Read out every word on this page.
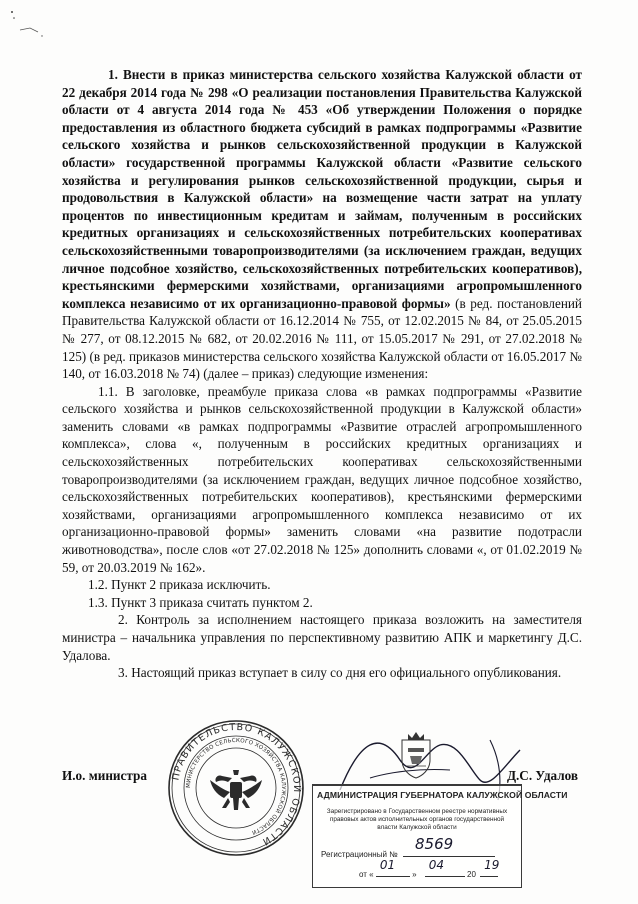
1. Внести в приказ министерства сельского хозяйства Калужской области от 22 декабря 2014 года № 298 «О реализации постановления Правительства Калужской области от 4 августа 2014 года № 453 «Об утверждении Положения о порядке предоставления из областного бюджета субсидий в рамках подпрограммы «Развитие сельского хозяйства и рынков сельскохозяйственной продукции в Калужской области» государственной программы Калужской области «Развитие сельского хозяйства и регулирования рынков сельскохозяйственной продукции, сырья и продовольствия в Калужской области» на возмещение части затрат на уплату процентов по инвестиционным кредитам и займам, полученным в российских кредитных организациях и сельскохозяйственных потребительских кооперативах сельскохозяйственными товаропроизводителями (за исключением граждан, ведущих личное подсобное хозяйство, сельскохозяйственных потребительских кооперативов), крестьянскими фермерскими хозяйствами, организациями агропромышленного комплекса независимо от их организационно-правовой формы» (в ред. постановлений Правительства Калужской области от 16.12.2014 № 755, от 12.02.2015 № 84, от 25.05.2015 № 277, от 08.12.2015 № 682, от 20.02.2016 № 111, от 15.05.2017 № 291, от 27.02.2018 № 125) (в ред. приказов министерства сельского хозяйства Калужской области от 16.05.2017 № 140, от 16.03.2018 № 74) (далее – приказ) следующие изменения:

1.1. В заголовке, преамбуле приказа слова «в рамках подпрограммы «Развитие сельского хозяйства и рынков сельскохозяйственной продукции в Калужской области» заменить словами «в рамках подпрограммы «Развитие отраслей агропромышленного комплекса», слова «, полученным в российских кредитных организациях и сельскохозяйственных потребительских кооперативах сельскохозяйственными товаропроизводителями (за исключением граждан, ведущих личное подсобное хозяйство, сельскохозяйственных потребительских кооперативов), крестьянскими фермерскими хозяйствами, организациями агропромышленного комплекса независимо от их организационно-правовой формы» заменить словами «на развитие подотрасли животноводства», после слов «от 27.02.2018 № 125» дополнить словами «, от 01.02.2019 № 59, от 20.03.2019 № 162».

1.2. Пункт 2 приказа исключить.

1.3. Пункт 3 приказа считать пунктом 2.

2. Контроль за исполнением настоящего приказа возложить на заместителя министра – начальника управления по перспективному развитию АПК и маркетингу Д.С. Удалова.

3. Настоящий приказ вступает в силу со дня его официального опубликования.

ПРАВИТЕЛЬСТВО КАЛУЖСКОЙ ОБЛАСТИ
МИНИСТЕРСТВО СЕЛЬСКОГО ХОЗЯЙСТВА КАЛУЖСКОЙ ОБЛАСТИ
И.о. министра	Д.С. Удалов
АДМИНИСТРАЦИЯ ГУБЕРНАТОРА КАЛУЖСКОЙ ОБЛАСТИ
Зарегистрировано в Государственном реестре нормативных правовых актов исполнительных органов государственной власти Калужской области
Регистрационный №
8569
от «
01
»
04
20
19
